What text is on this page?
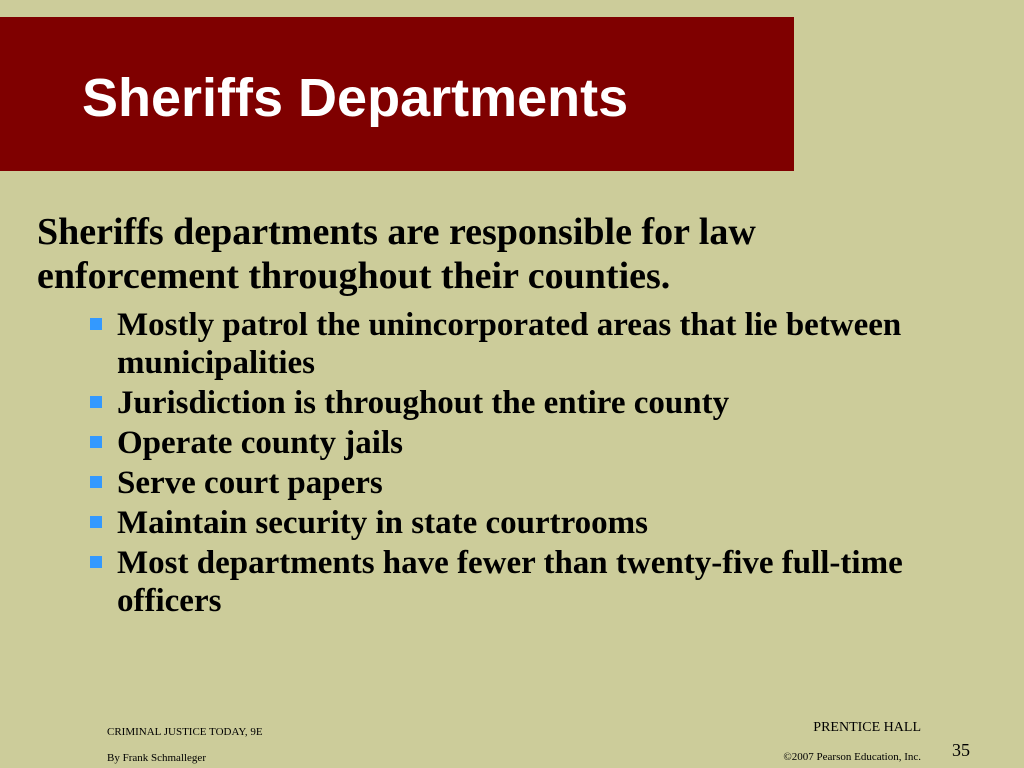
Sheriffs Departments

Sheriffs departments are responsible for law enforcement throughout their counties.

Mostly patrol the unincorporated areas that lie between municipalities
Jurisdiction is throughout the entire county
Operate county jails
Serve court papers
Maintain security in state courtrooms
Most departments have fewer than twenty-five full-time officers
CRIMINAL JUSTICE TODAY, 9E
By Frank Schmalleger
PRENTICE HALL
©2007 Pearson Education, Inc. 35
